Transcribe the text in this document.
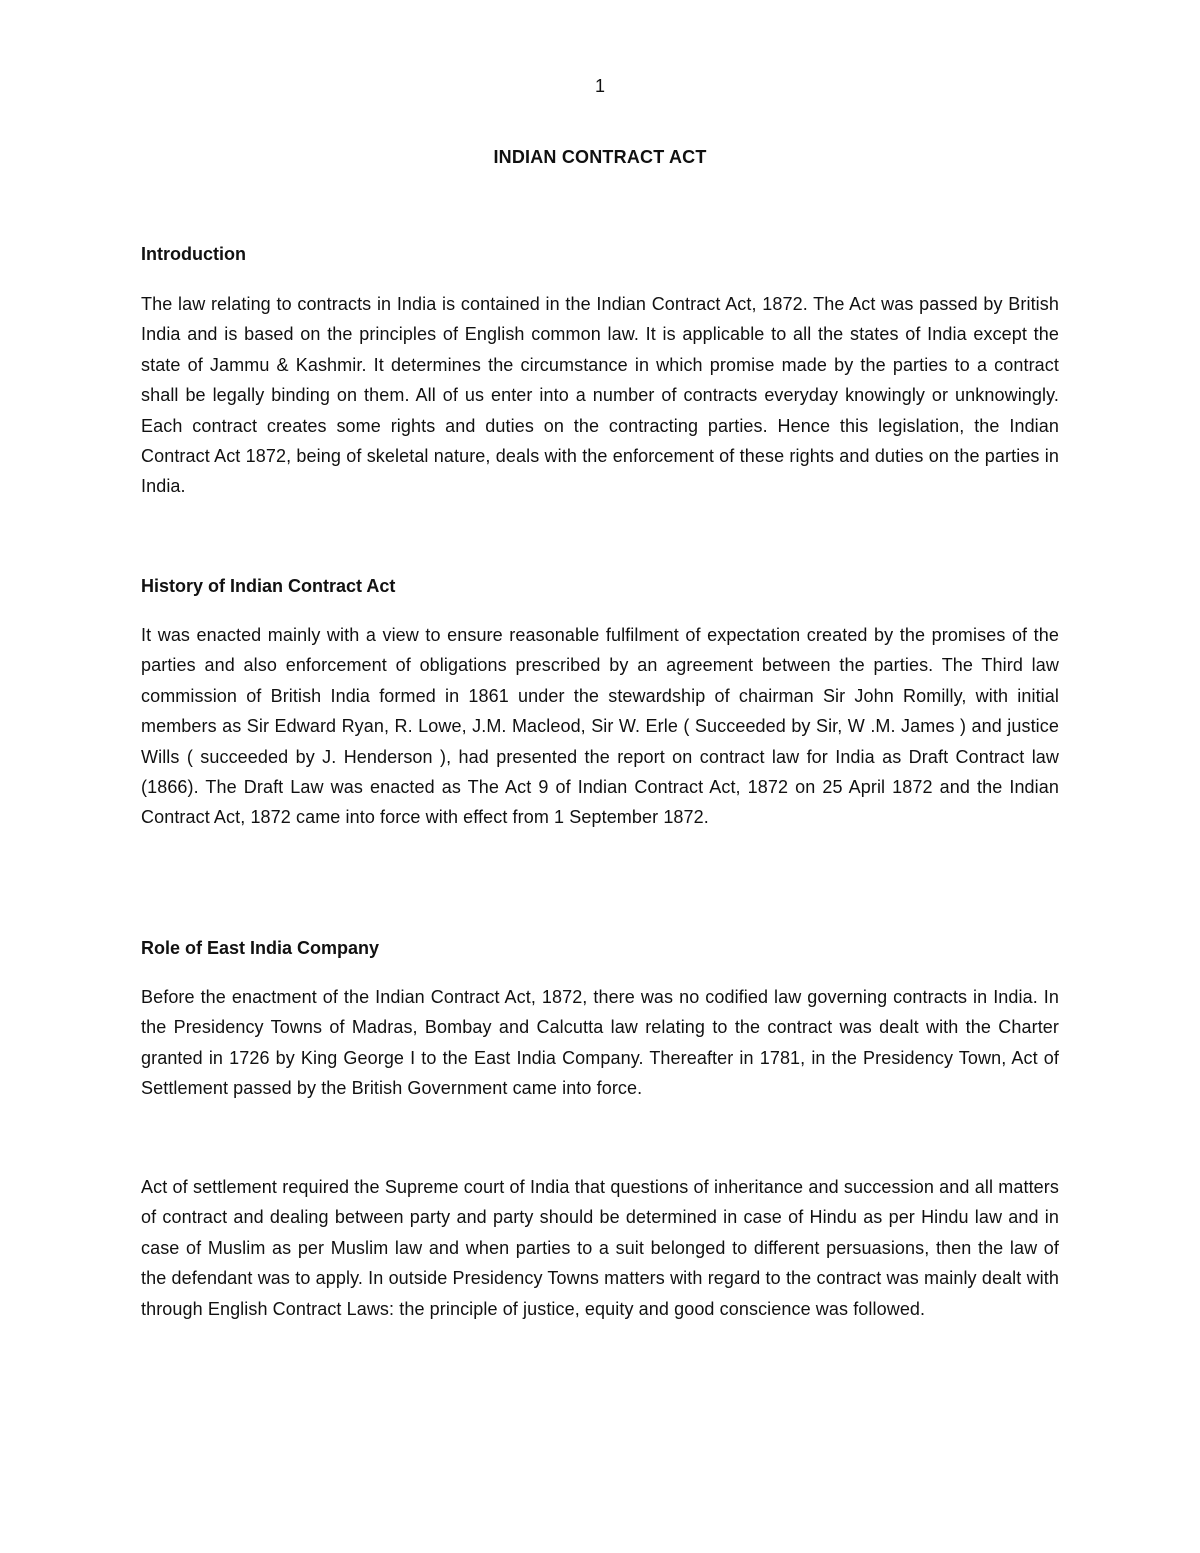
1
INDIAN CONTRACT ACT
Introduction

The law relating to contracts in India is contained in the Indian Contract Act, 1872. The Act was passed by British India and is based on the principles of English common law. It is applicable to all the states of India except the state of Jammu & Kashmir. It determines the circumstance in which promise made by the parties to a contract shall be legally binding on them. All of us enter into a number of contracts everyday knowingly or unknowingly. Each contract creates some rights and duties on the contracting parties. Hence this legislation, the Indian Contract Act 1872, being of skeletal nature, deals with the enforcement of these rights and duties on the parties in India.

History of Indian Contract Act

It was enacted mainly with a view to ensure reasonable fulfilment of expectation created by the promises of the parties and also enforcement of obligations prescribed by an agreement between the parties. The Third law commission of British India formed in 1861 under the stewardship of chairman Sir John Romilly, with initial members as Sir Edward Ryan, R. Lowe, J.M. Macleod, Sir W. Erle ( Succeeded by Sir, W .M. James ) and justice Wills ( succeeded by J. Henderson ), had presented the report on contract law for India as Draft Contract law (1866). The Draft Law was enacted as The Act 9 of Indian Contract Act, 1872 on 25 April 1872 and the Indian Contract Act, 1872 came into force with effect from 1 September 1872.

Role of East India Company

Before the enactment of the Indian Contract Act, 1872, there was no codified law governing contracts in India. In the Presidency Towns of Madras, Bombay and Calcutta law relating to the contract was dealt with the Charter granted in 1726 by King George I to the East India Company. Thereafter in 1781, in the Presidency Town, Act of Settlement passed by the British Government came into force.

Act of settlement required the Supreme court of India that questions of inheritance and succession and all matters of contract and dealing between party and party should be determined in case of Hindu as per Hindu law and in case of Muslim as per Muslim law and when parties to a suit belonged to different persuasions, then the law of the defendant was to apply. In outside Presidency Towns matters with regard to the contract was mainly dealt with through English Contract Laws: the principle of justice, equity and good conscience was followed.
